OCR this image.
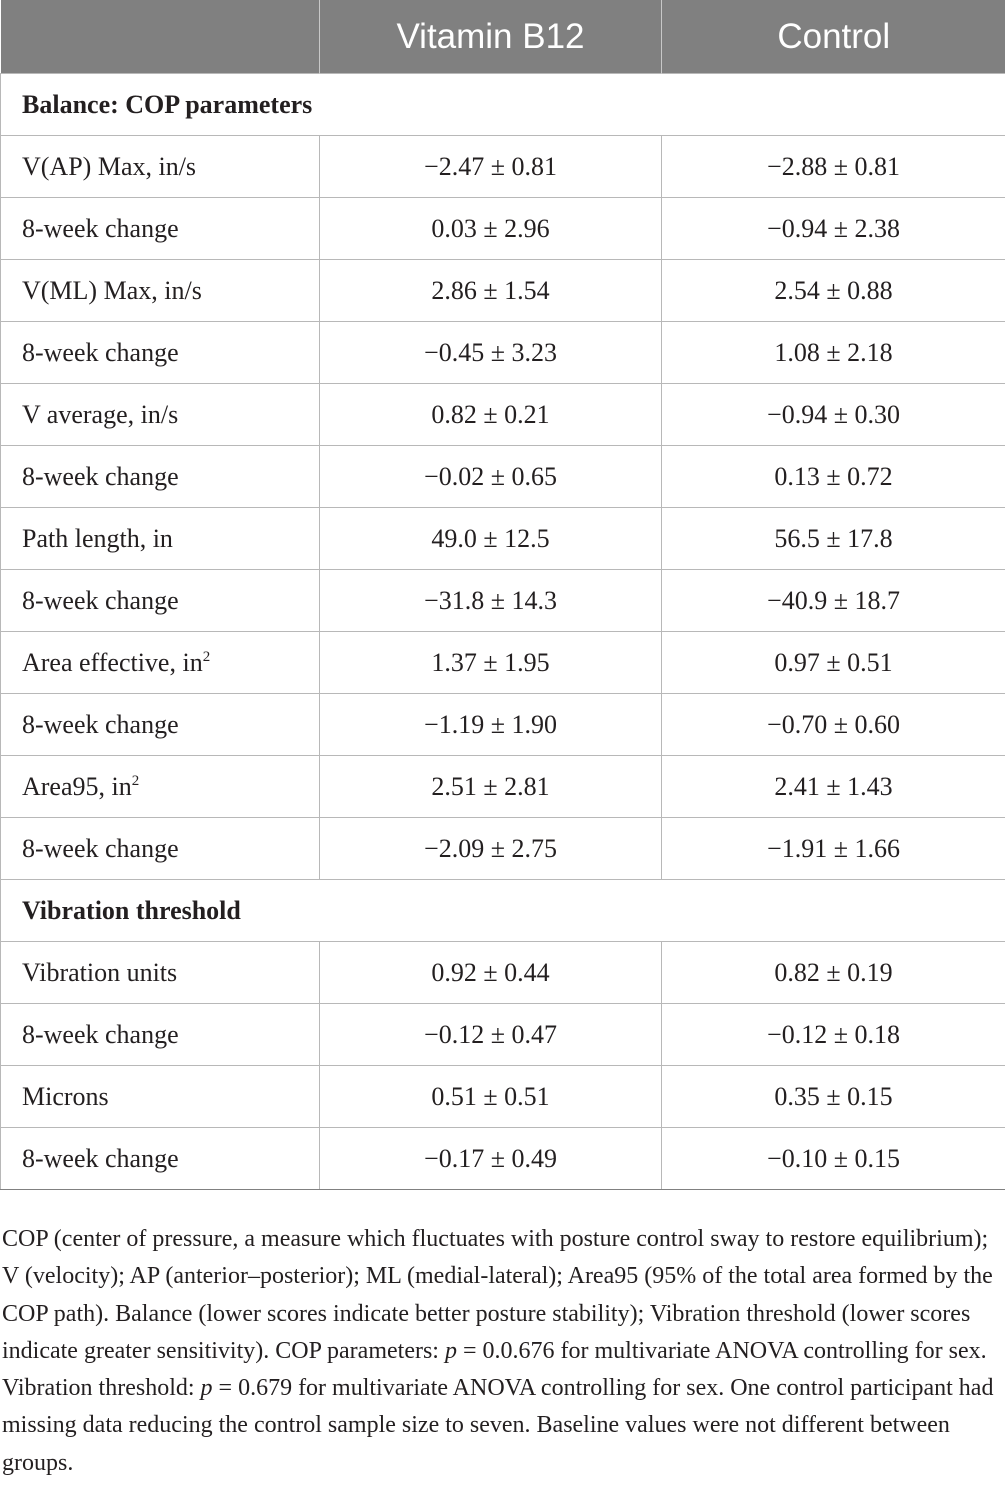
	Vitamin B12	Control
Balance: COP parameters		
V(AP) Max, in/s	−2.47 ± 0.81	−2.88 ± 0.81
8-week change	0.03 ± 2.96	−0.94 ± 2.38
V(ML) Max, in/s	2.86 ± 1.54	2.54 ± 0.88
8-week change	−0.45 ± 3.23	1.08 ± 2.18
V average, in/s	0.82 ± 0.21	−0.94 ± 0.30
8-week change	−0.02 ± 0.65	0.13 ± 0.72
Path length, in	49.0 ± 12.5	56.5 ± 17.8
8-week change	−31.8 ± 14.3	−40.9 ± 18.7
Area effective, $in^2$	1.37 ± 1.95	0.97 ± 0.51
8-week change	−1.19 ± 1.90	−0.70 ± 0.60
Area95, $in^2$	2.51 ± 2.81	2.41 ± 1.43
8-week change	−2.09 ± 2.75	−1.91 ± 1.66
Vibration threshold		
Vibration units	0.92 ± 0.44	0.82 ± 0.19
8-week change	−0.12 ± 0.47	−0.12 ± 0.18
Microns	0.51 ± 0.51	0.35 ± 0.15
8-week change	−0.17 ± 0.49	−0.10 ± 0.15
COP (center of pressure, a measure which fluctuates with posture control sway to restore equilibrium); V (velocity); AP (anterior–posterior); ML (medial-lateral); Area95 (95% of the total area formed by the COP path). Balance (lower scores indicate better posture stability); Vibration threshold (lower scores indicate greater sensitivity). COP parameters: p = 0.0.676 for multivariate ANOVA controlling for sex. Vibration threshold: p = 0.679 for multivariate ANOVA controlling for sex. One control participant had missing data reducing the control sample size to seven. Baseline values were not different between groups.
